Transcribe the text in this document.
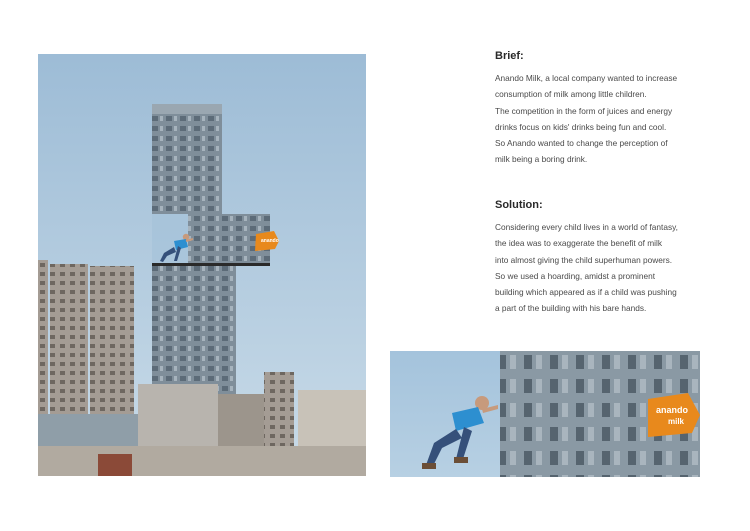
anando
anando
milk

Brief:

Anando Milk, a local company wanted to increase

consumption of milk among little children.

The competition in the form of juices and energy

drinks focus on kids' drinks being fun and cool.

So Anando wanted to change the perception of

milk being a boring drink.

Solution:

Considering every child lives in a world of fantasy,

the idea was to exaggerate the benefit of milk

into almost giving the child superhuman powers.

So we used a hoarding, amidst a prominent

building which appeared as if a child was pushing

a part of the building with his bare hands.
